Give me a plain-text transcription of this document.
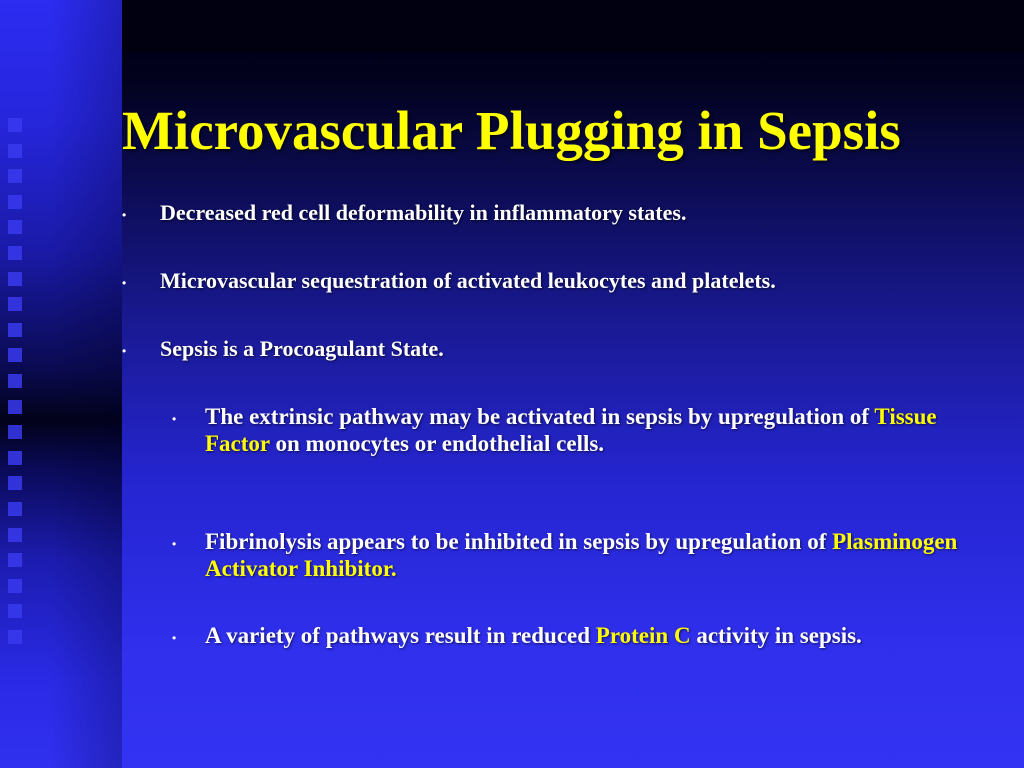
Microvascular Plugging in Sepsis
• Decreased red cell deformability in inflammatory states.
• Microvascular sequestration of activated leukocytes and platelets.
• Sepsis is a Procoagulant State.
• The extrinsic pathway may be activated in sepsis by upregulation of Tissue Factor on monocytes or endothelial cells.
• Fibrinolysis appears to be inhibited in sepsis by upregulation of Plasminogen Activator Inhibitor.
• A variety of pathways result in reduced Protein C activity in sepsis.
